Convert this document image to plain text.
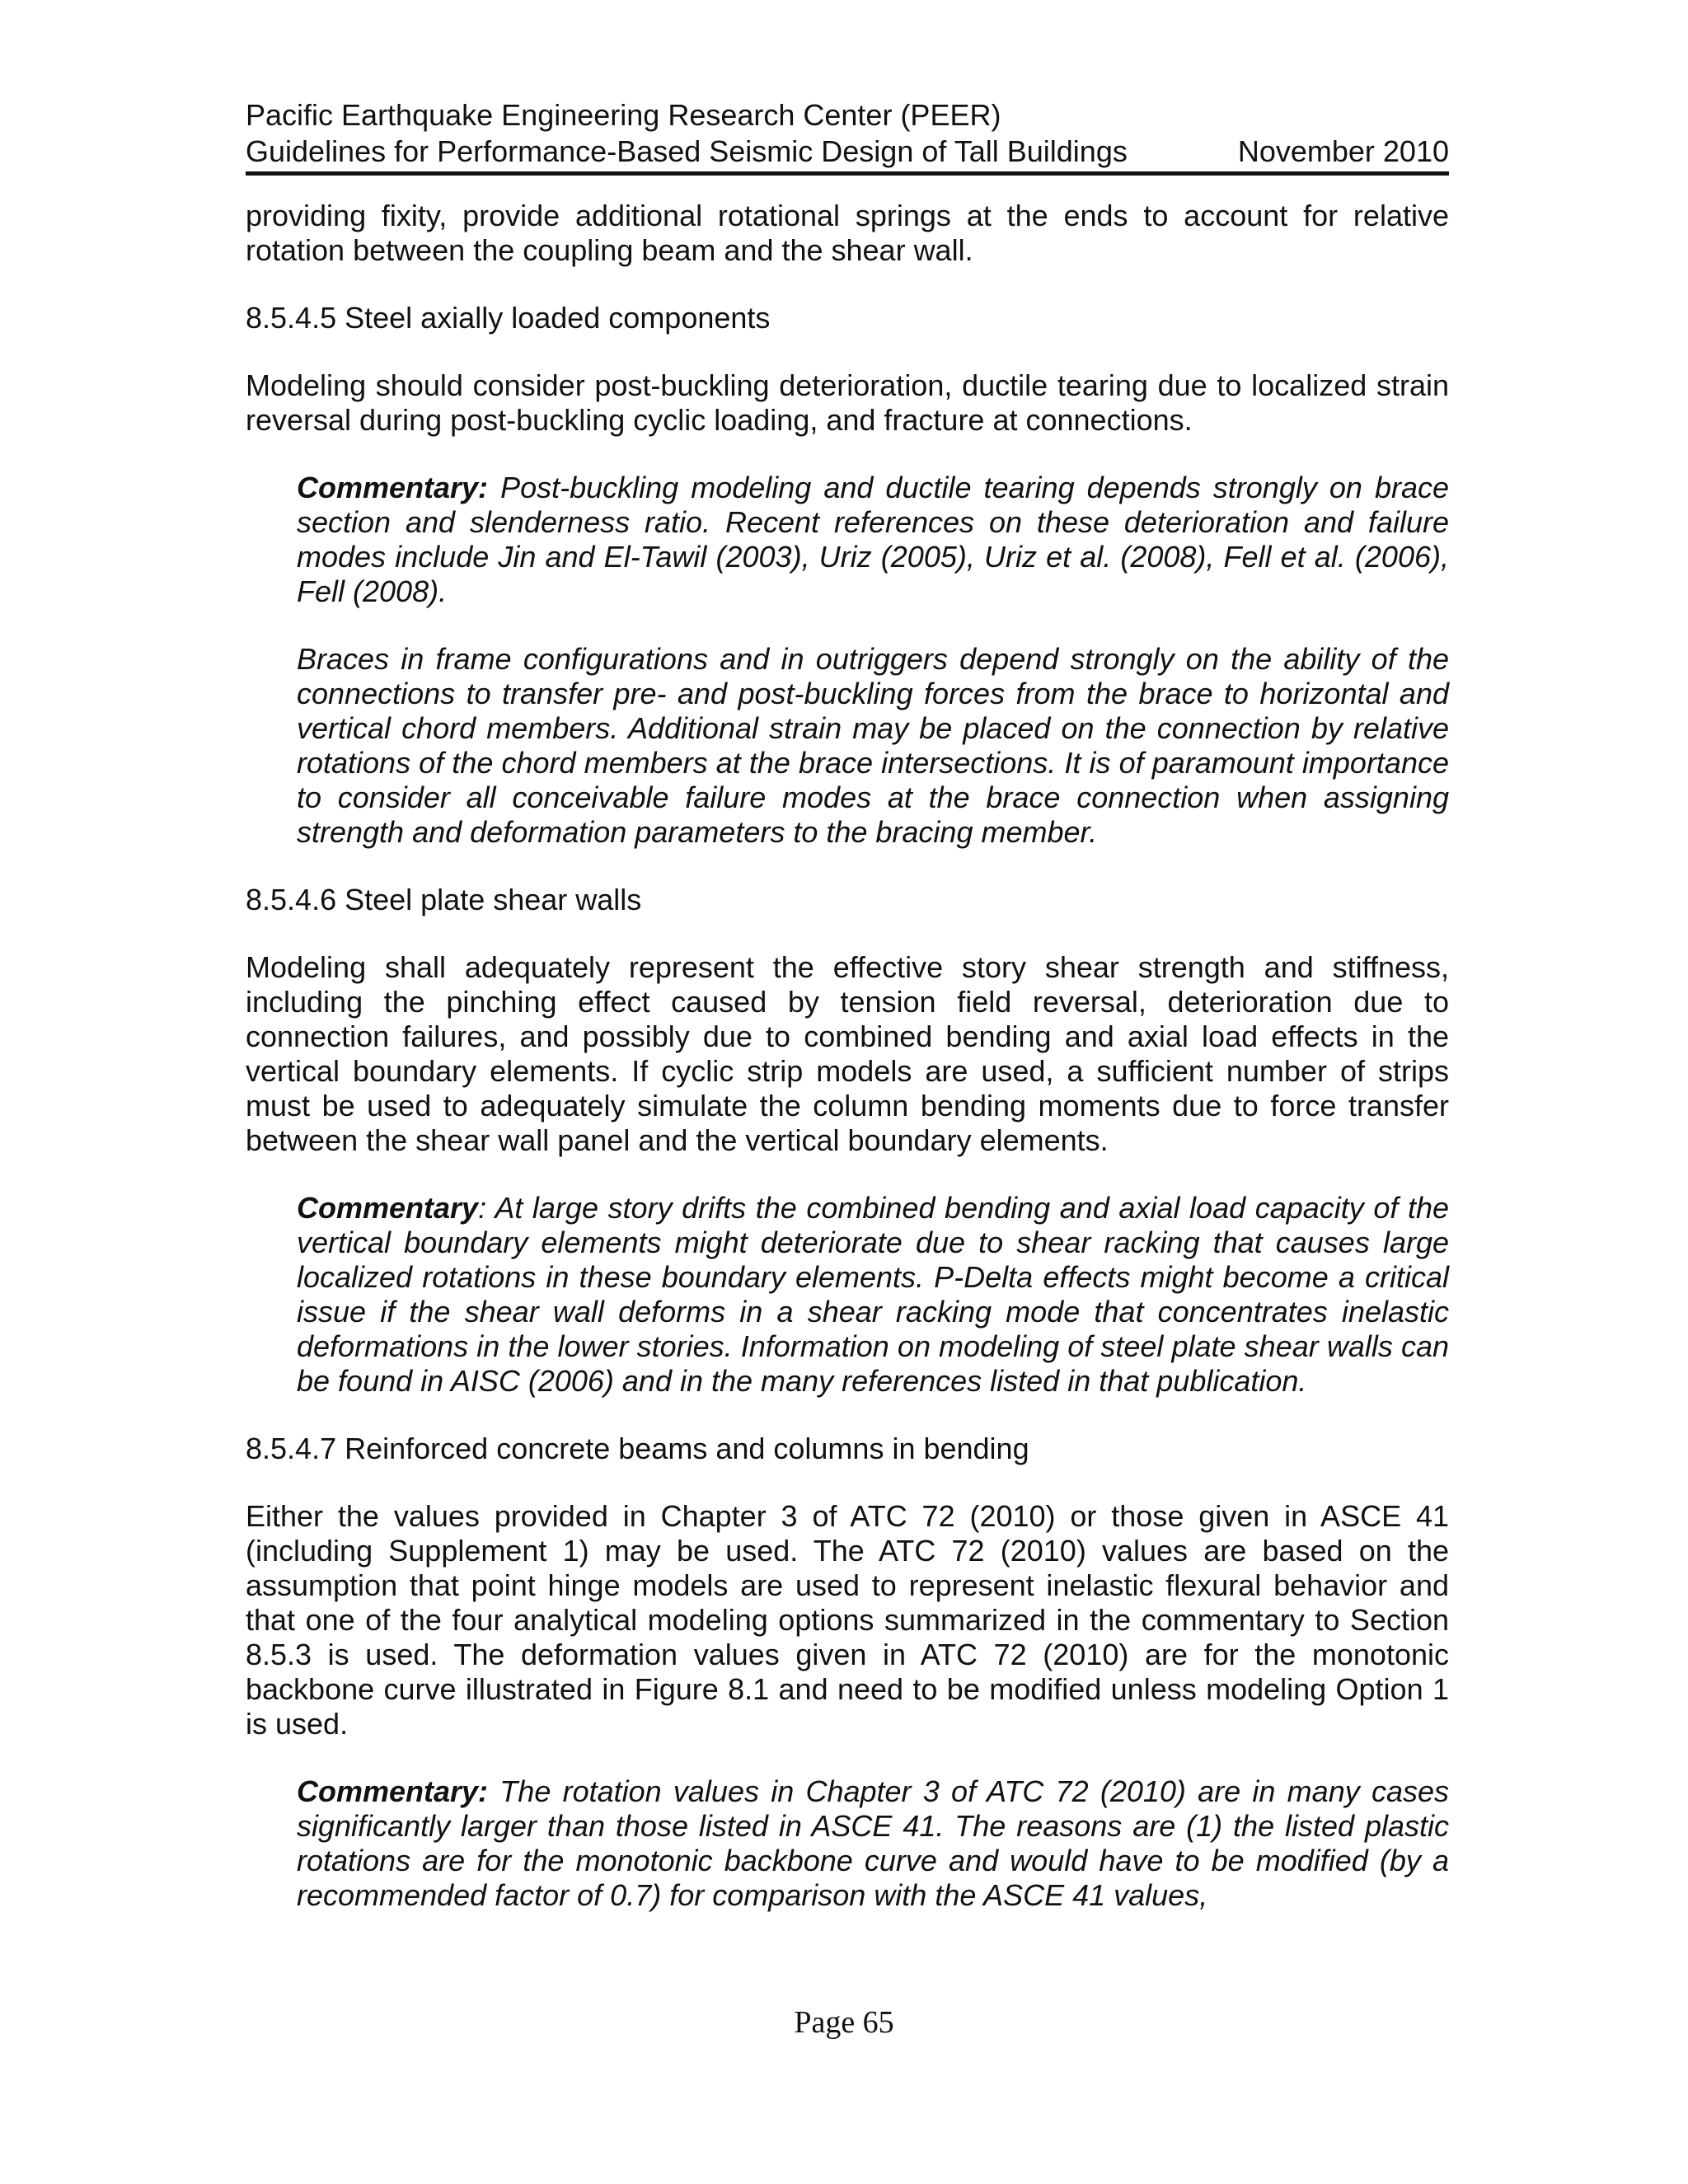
Pacific Earthquake Engineering Research Center (PEER)
Guidelines for Performance-Based Seismic Design of Tall Buildings	November 2010

providing fixity, provide additional rotational springs at the ends to account for relative rotation between the coupling beam and the shear wall.

8.5.4.5 Steel axially loaded components

Modeling should consider post-buckling deterioration, ductile tearing due to localized strain reversal during post-buckling cyclic loading, and fracture at connections.

Commentary: Post-buckling modeling and ductile tearing depends strongly on brace section and slenderness ratio. Recent references on these deterioration and failure modes include Jin and El-Tawil (2003), Uriz (2005), Uriz et al. (2008), Fell et al. (2006), Fell (2008).

Braces in frame configurations and in outriggers depend strongly on the ability of the connections to transfer pre- and post-buckling forces from the brace to horizontal and vertical chord members. Additional strain may be placed on the connection by relative rotations of the chord members at the brace intersections. It is of paramount importance to consider all conceivable failure modes at the brace connection when assigning strength and deformation parameters to the bracing member.

8.5.4.6 Steel plate shear walls

Modeling shall adequately represent the effective story shear strength and stiffness, including the pinching effect caused by tension field reversal, deterioration due to connection failures, and possibly due to combined bending and axial load effects in the vertical boundary elements. If cyclic strip models are used, a sufficient number of strips must be used to adequately simulate the column bending moments due to force transfer between the shear wall panel and the vertical boundary elements.

Commentary: At large story drifts the combined bending and axial load capacity of the vertical boundary elements might deteriorate due to shear racking that causes large localized rotations in these boundary elements. P-Delta effects might become a critical issue if the shear wall deforms in a shear racking mode that concentrates inelastic deformations in the lower stories. Information on modeling of steel plate shear walls can be found in AISC (2006) and in the many references listed in that publication.

8.5.4.7 Reinforced concrete beams and columns in bending

Either the values provided in Chapter 3 of ATC 72 (2010) or those given in ASCE 41 (including Supplement 1) may be used. The ATC 72 (2010) values are based on the assumption that point hinge models are used to represent inelastic flexural behavior and that one of the four analytical modeling options summarized in the commentary to Section 8.5.3 is used. The deformation values given in ATC 72 (2010) are for the monotonic backbone curve illustrated in Figure 8.1 and need to be modified unless modeling Option 1 is used.

Commentary: The rotation values in Chapter 3 of ATC 72 (2010) are in many cases significantly larger than those listed in ASCE 41. The reasons are (1) the listed plastic rotations are for the monotonic backbone curve and would have to be modified (by a recommended factor of 0.7) for comparison with the ASCE 41 values,

Page 65
